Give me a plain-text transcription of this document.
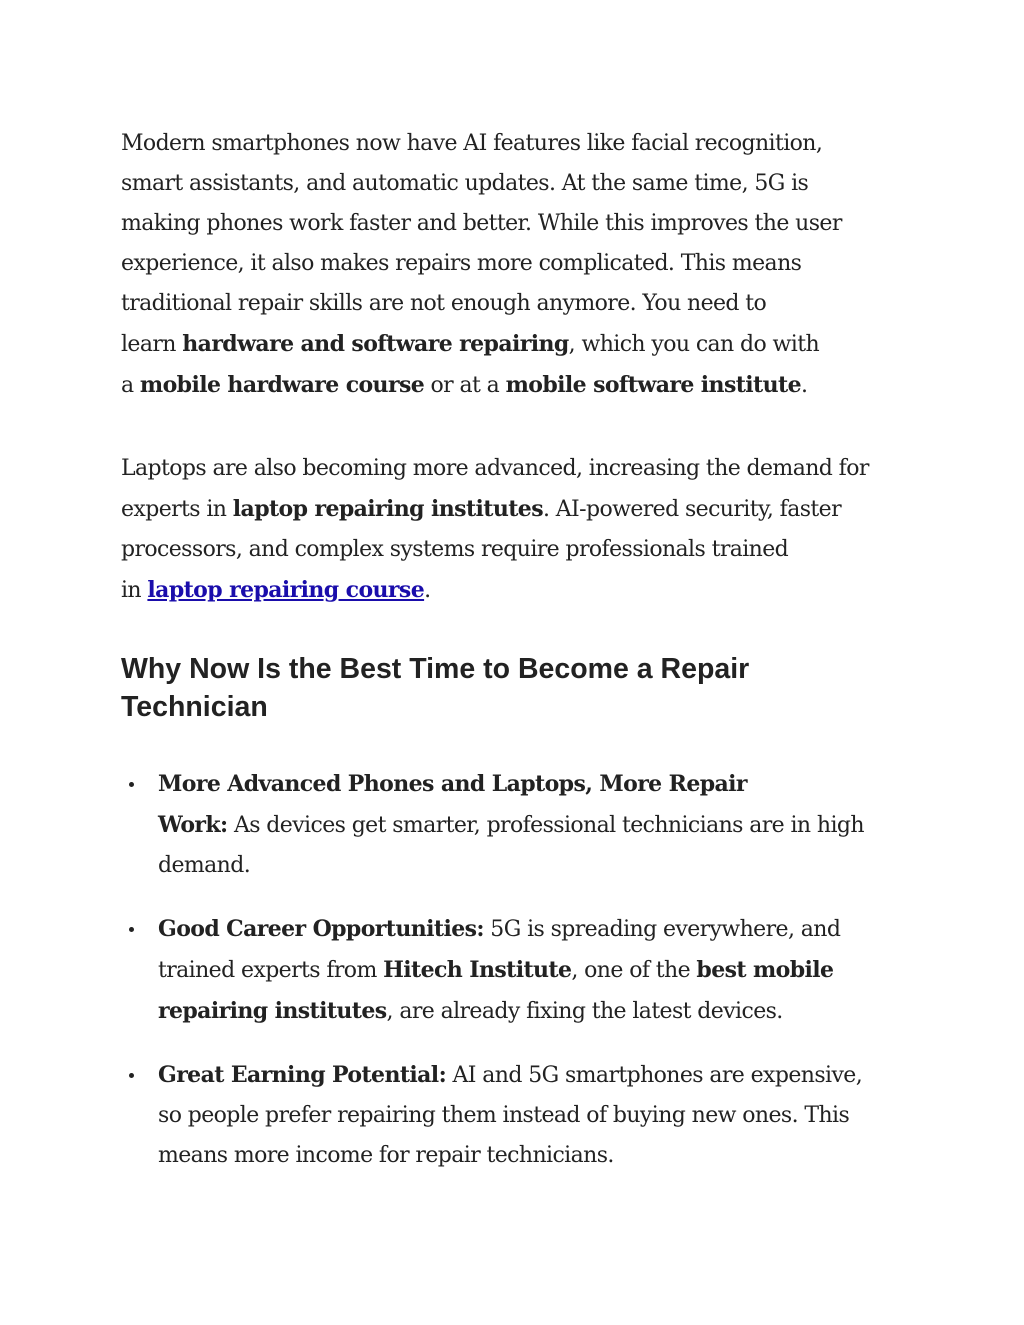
Modern smartphones now have AI features like facial recognition,
smart assistants, and automatic updates. At the same time, 5G is
making phones work faster and better. While this improves the user
experience, it also makes repairs more complicated. This means
traditional repair skills are not enough anymore. You need to
learn hardware and software repairing, which you can do with
a mobile hardware course or at a mobile software institute.

Laptops are also becoming more advanced, increasing the demand for
experts in laptop repairing institutes. AI-powered security, faster
processors, and complex systems require professionals trained
in laptop repairing course.

Why Now Is the Best Time to Become a Repair
Technician
More Advanced Phones and Laptops, More Repair
Work: As devices get smarter, professional technicians are in high
demand.
Good Career Opportunities: 5G is spreading everywhere, and
trained experts from Hitech Institute, one of the best mobile
repairing institutes, are already fixing the latest devices.
Great Earning Potential: AI and 5G smartphones are expensive,
so people prefer repairing them instead of buying new ones. This
means more income for repair technicians.
